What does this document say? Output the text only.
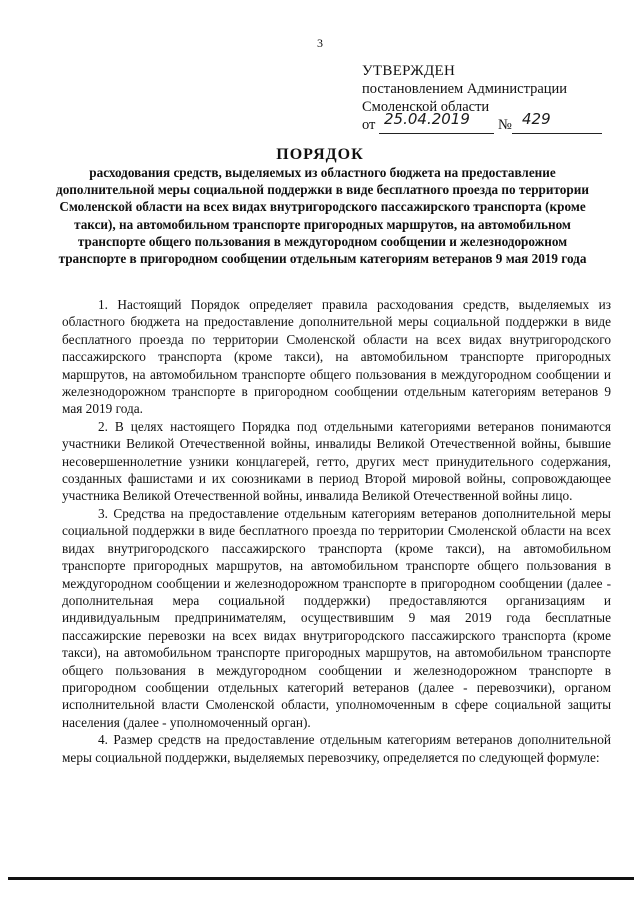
3
УТВЕРЖДЕН
постановлением Администрации
Смоленской области
от 25.04.2019 № 429
ПОРЯДОК
расходования средств, выделяемых из областного бюджета на предоставление дополнительной меры социальной поддержки в виде бесплатного проезда по территории Смоленской области на всех видах внутригородского пассажирского транспорта (кроме такси), на автомобильном транспорте пригородных маршрутов, на автомобильном транспорте общего пользования в междугородном сообщении и железнодорожном транспорте в пригородном сообщении отдельным категориям ветеранов 9 мая 2019 года

1. Настоящий Порядок определяет правила расходования средств, выделяемых из областного бюджета на предоставление дополнительной меры социальной поддержки в виде бесплатного проезда по территории Смоленской области на всех видах внутригородского пассажирского транспорта (кроме такси), на автомобильном транспорте пригородных маршрутов, на автомобильном транспорте общего пользования в междугородном сообщении и железнодорожном транспорте в пригородном сообщении отдельным категориям ветеранов 9 мая 2019 года.

2. В целях настоящего Порядка под отдельными категориями ветеранов понимаются участники Великой Отечественной войны, инвалиды Великой Отечественной войны, бывшие несовершеннолетние узники концлагерей, гетто, других мест принудительного содержания, созданных фашистами и их союзниками в период Второй мировой войны, сопровождающее участника Великой Отечественной войны, инвалида Великой Отечественной войны лицо.

3. Средства на предоставление отдельным категориям ветеранов дополнительной меры социальной поддержки в виде бесплатного проезда по территории Смоленской области на всех видах внутригородского пассажирского транспорта (кроме такси), на автомобильном транспорте пригородных маршрутов, на автомобильном транспорте общего пользования в междугородном сообщении и железнодорожном транспорте в пригородном сообщении (далее - дополнительная мера социальной поддержки) предоставляются организациям и индивидуальным предпринимателям, осуществившим 9 мая 2019 года бесплатные пассажирские перевозки на всех видах внутригородского пассажирского транспорта (кроме такси), на автомобильном транспорте пригородных маршрутов, на автомобильном транспорте общего пользования в междугородном сообщении и железнодорожном транспорте в пригородном сообщении отдельных категорий ветеранов (далее - перевозчики), органом исполнительной власти Смоленской области, уполномоченным в сфере социальной защиты населения (далее - уполномоченный орган).

4. Размер средств на предоставление отдельным категориям ветеранов дополнительной меры социальной поддержки, выделяемых перевозчику, определяется по следующей формуле:
